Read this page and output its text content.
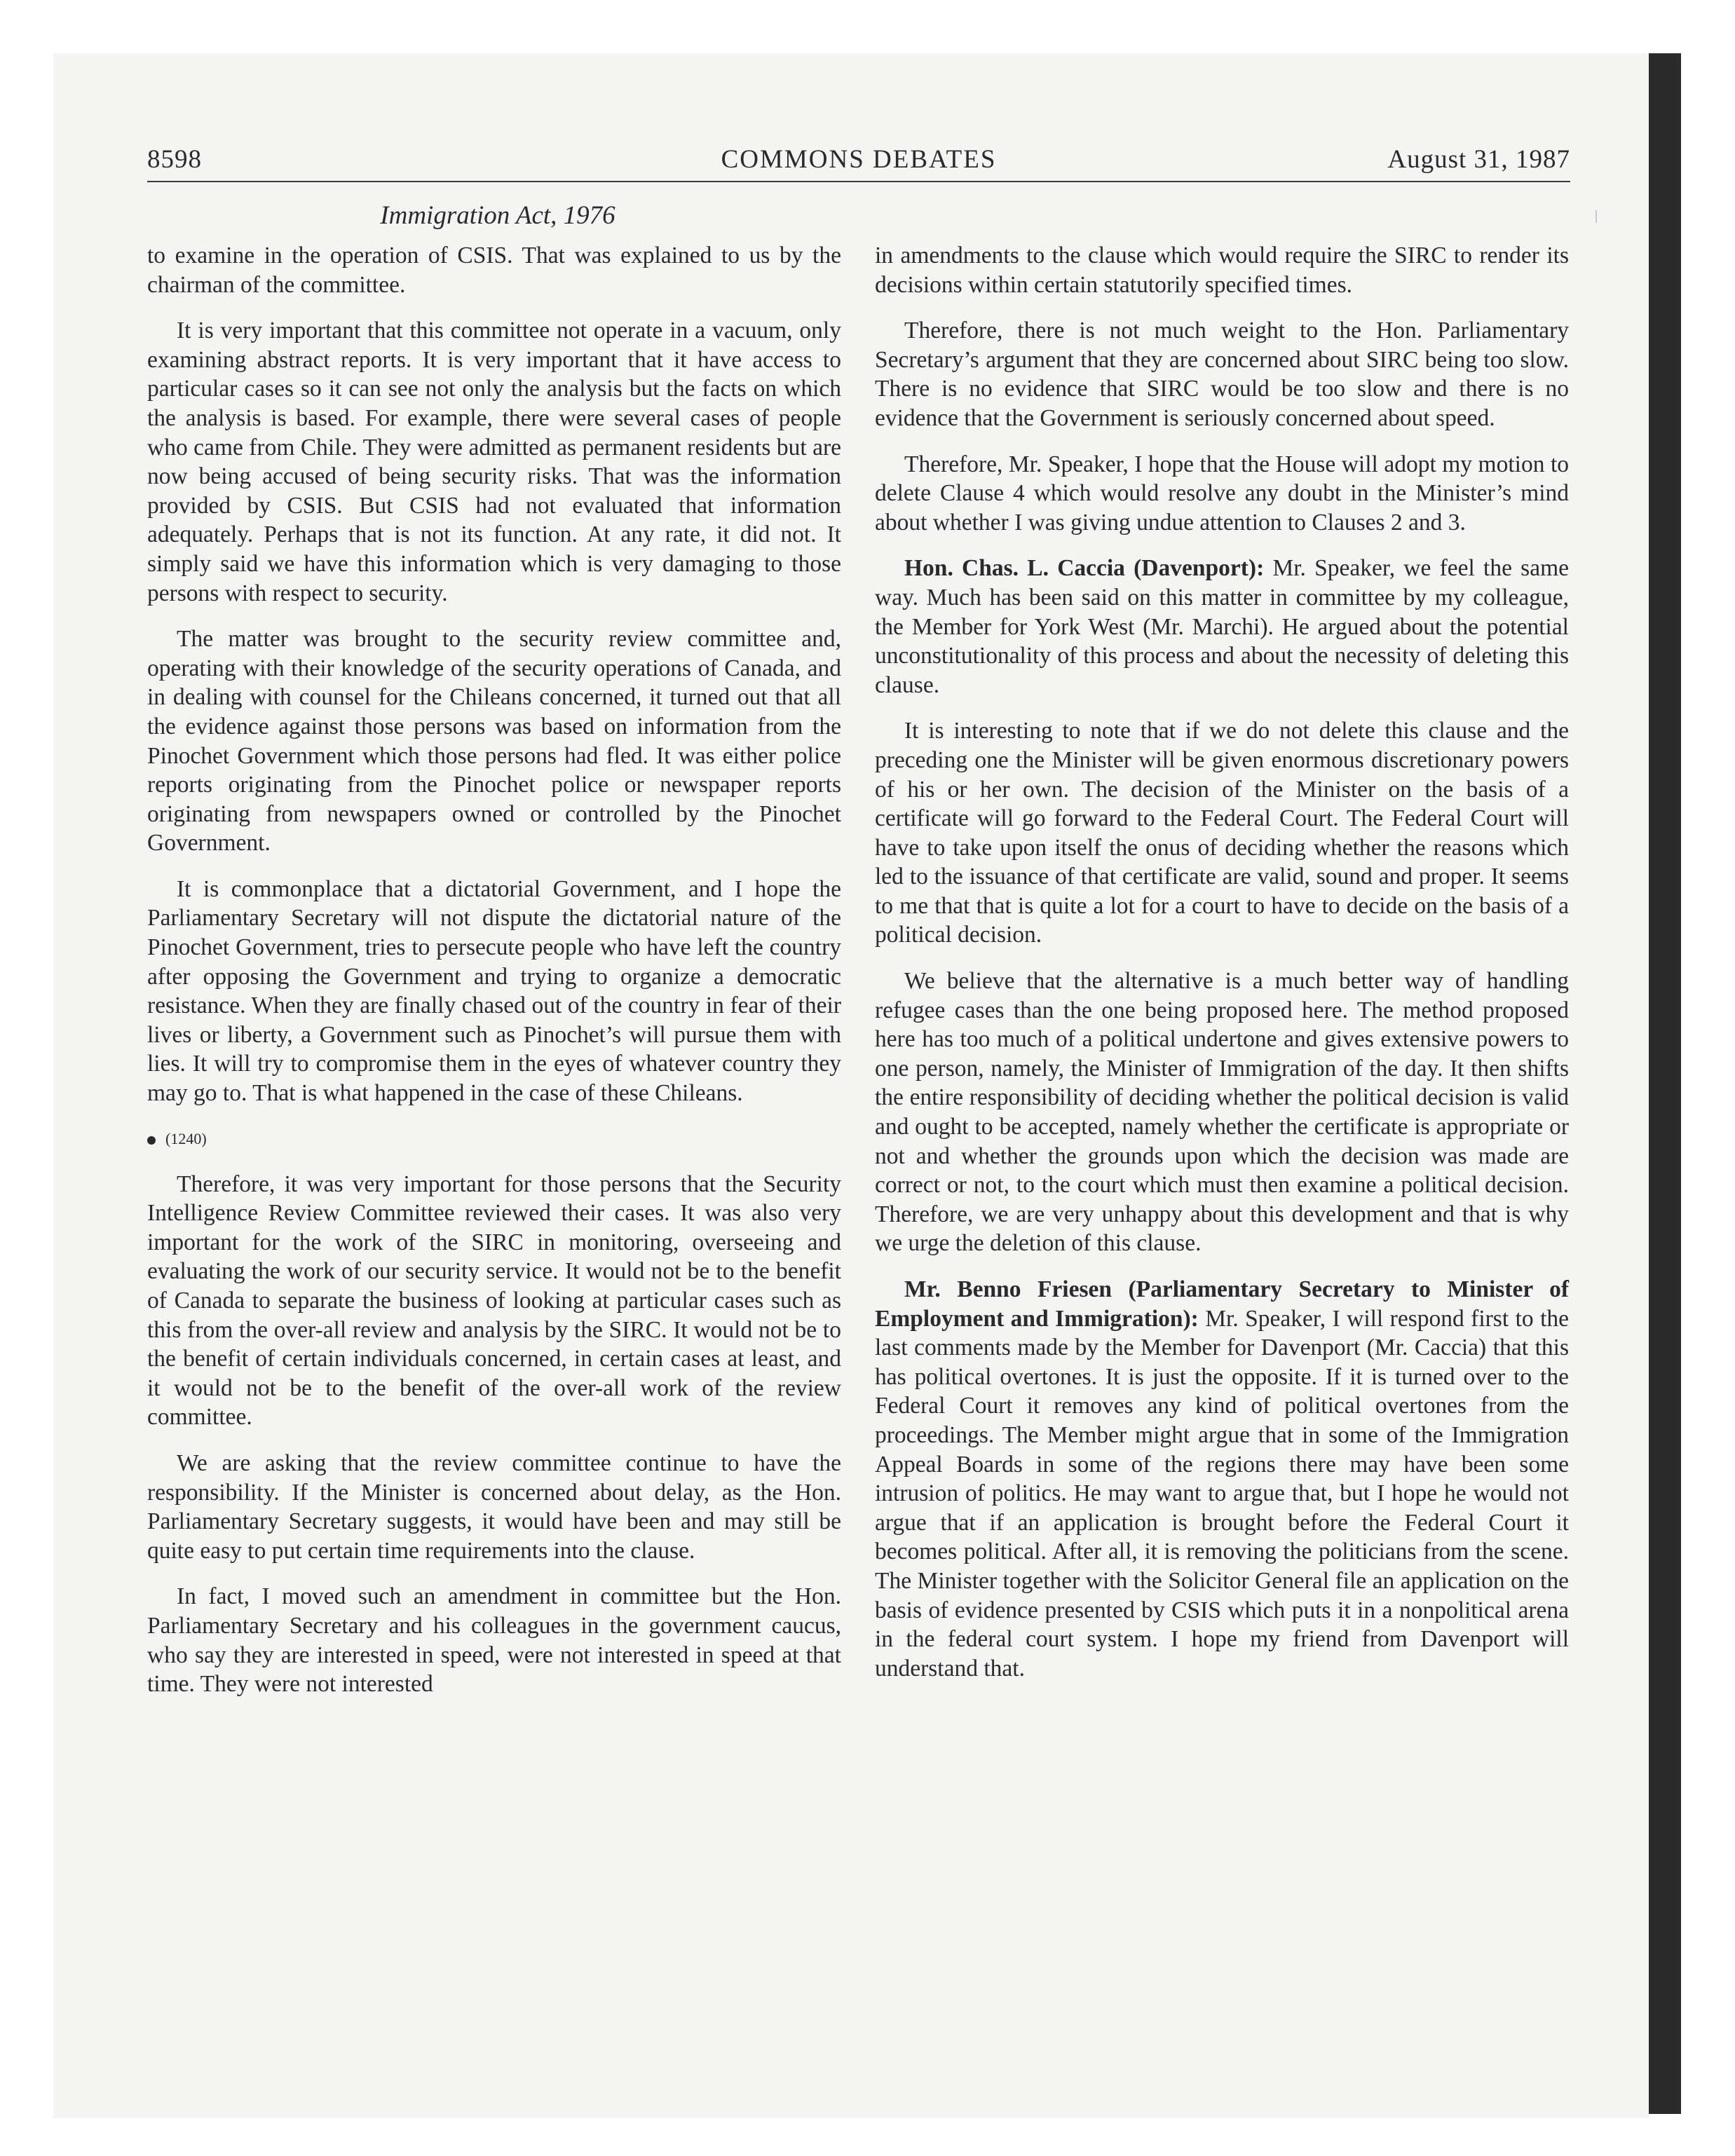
COMMONS DEBATES
8598	August 31, 1987
Immigration Act, 1976

to examine in the operation of CSIS. That was explained to us by the chairman of the committee.

It is very important that this committee not operate in a vacuum, only examining abstract reports. It is very important that it have access to particular cases so it can see not only the analysis but the facts on which the analysis is based. For example, there were several cases of people who came from Chile. They were admitted as permanent residents but are now being accused of being security risks. That was the information provided by CSIS. But CSIS had not evaluated that information adequately. Perhaps that is not its function. At any rate, it did not. It simply said we have this information which is very damaging to those persons with respect to security.

The matter was brought to the security review committee and, operating with their knowledge of the security operations of Canada, and in dealing with counsel for the Chileans concerned, it turned out that all the evidence against those persons was based on information from the Pinochet Government which those persons had fled. It was either police reports originating from the Pinochet police or newspaper reports originating from newspapers owned or controlled by the Pinochet Government.

It is commonplace that a dictatorial Government, and I hope the Parliamentary Secretary will not dispute the dictatorial nature of the Pinochet Government, tries to persecute people who have left the country after opposing the Government and trying to organize a democratic resistance. When they are finally chased out of the country in fear of their lives or liberty, a Government such as Pinochet’s will pursue them with lies. It will try to compromise them in the eyes of whatever country they may go to. That is what happened in the case of these Chileans.

(1240)

Therefore, it was very important for those persons that the Security Intelligence Review Committee reviewed their cases. It was also very important for the work of the SIRC in monitoring, overseeing and evaluating the work of our security service. It would not be to the benefit of Canada to separate the business of looking at particular cases such as this from the over-all review and analysis by the SIRC. It would not be to the benefit of certain individuals concerned, in certain cases at least, and it would not be to the benefit of the over-all work of the review committee.

We are asking that the review committee continue to have the responsibility. If the Minister is concerned about delay, as the Hon. Parliamentary Secretary suggests, it would have been and may still be quite easy to put certain time requirements into the clause.

In fact, I moved such an amendment in committee but the Hon. Parliamentary Secretary and his colleagues in the government caucus, who say they are interested in speed, were not interested in speed at that time. They were not interested

in amendments to the clause which would require the SIRC to render its decisions within certain statutorily specified times.

Therefore, there is not much weight to the Hon. Parliamentary Secretary’s argument that they are concerned about SIRC being too slow. There is no evidence that SIRC would be too slow and there is no evidence that the Government is seriously concerned about speed.

Therefore, Mr. Speaker, I hope that the House will adopt my motion to delete Clause 4 which would resolve any doubt in the Minister’s mind about whether I was giving undue attention to Clauses 2 and 3.

Hon. Chas. L. Caccia (Davenport): Mr. Speaker, we feel the same way. Much has been said on this matter in committee by my colleague, the Member for York West (Mr. Marchi). He argued about the potential unconstitutionality of this process and about the necessity of deleting this clause.

It is interesting to note that if we do not delete this clause and the preceding one the Minister will be given enormous discretionary powers of his or her own. The decision of the Minister on the basis of a certificate will go forward to the Federal Court. The Federal Court will have to take upon itself the onus of deciding whether the reasons which led to the issuance of that certificate are valid, sound and proper. It seems to me that that is quite a lot for a court to have to decide on the basis of a political decision.

We believe that the alternative is a much better way of handling refugee cases than the one being proposed here. The method proposed here has too much of a political undertone and gives extensive powers to one person, namely, the Minister of Immigration of the day. It then shifts the entire responsibility of deciding whether the political decision is valid and ought to be accepted, namely whether the certificate is appropriate or not and whether the grounds upon which the decision was made are correct or not, to the court which must then examine a political decision. Therefore, we are very unhappy about this development and that is why we urge the deletion of this clause.

Mr. Benno Friesen (Parliamentary Secretary to Minister of Employment and Immigration): Mr. Speaker, I will respond first to the last comments made by the Member for Davenport (Mr. Caccia) that this has political overtones. It is just the opposite. If it is turned over to the Federal Court it removes any kind of political overtones from the proceedings. The Member might argue that in some of the Immigration Appeal Boards in some of the regions there may have been some intrusion of politics. He may want to argue that, but I hope he would not argue that if an application is brought before the Federal Court it becomes political. After all, it is removing the politicians from the scene. The Minister together with the Solicitor General file an application on the basis of evidence presented by CSIS which puts it in a nonpolitical arena in the federal court system. I hope my friend from Davenport will understand that.
